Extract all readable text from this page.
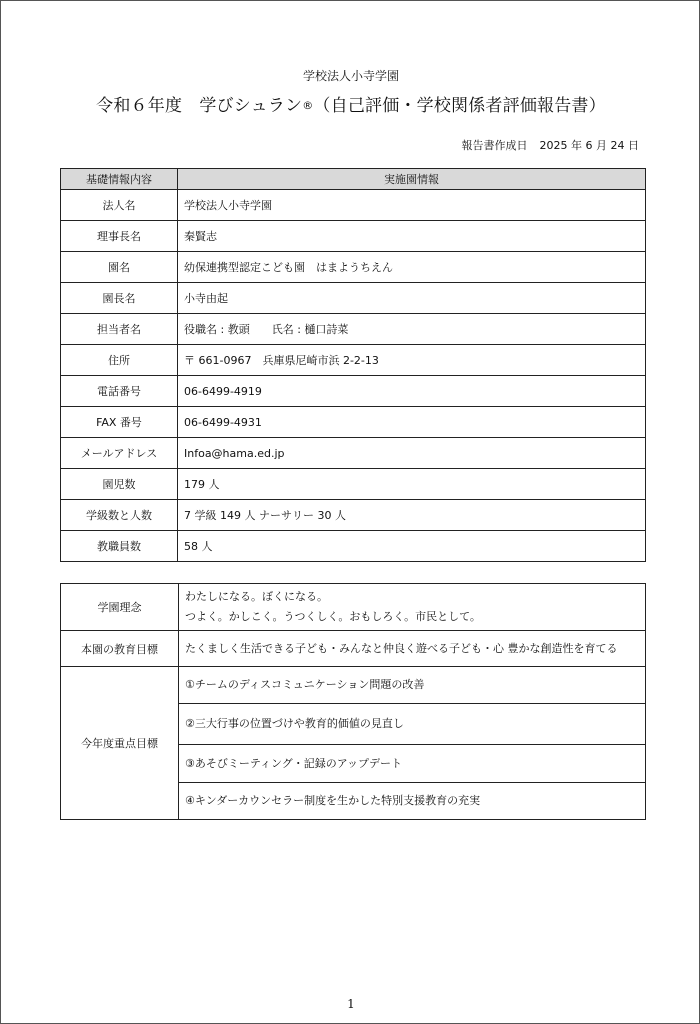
学校法人小寺学園
令和６年度　学びシュラン®（自己評価・学校関係者評価報告書）
報告書作成日 2025 年 6 月 24 日
基礎情報内容	実施園情報
法人名	学校法人小寺学園
理事長名	秦賢志
園名	幼保連携型認定こども園　はまようちえん
園長名	小寺由起
担当者名	役職名 : 教頭　　氏名 : 樋口詩菜
住所	〒 661-0967　兵庫県尼崎市浜 2-2-13
電話番号	06-6499-4919
FAX 番号	06-6499-4931
メールアドレス	Infoa@hama.ed.jp
園児数	179 人
学級数と人数	7 学級 149 人 ナーサリー 30 人
教職員数	58 人
学園理念	わたしになる。ぼくになる。
つよく。かしこく。うつくしく。おもしろく。市民として。

本園の教育目標	たくましく生活できる子ども・みんなと仲良く遊べる子ども・心 豊かな創造性を育てる
今年度重点目標	①チームのディスコミュニケーション問題の改善
	②三大行事の位置づけや教育的価値の見直し
	③あそびミーティング・記録のアップデート
	④キンダーカウンセラー制度を生かした特別支援教育の充実
1
